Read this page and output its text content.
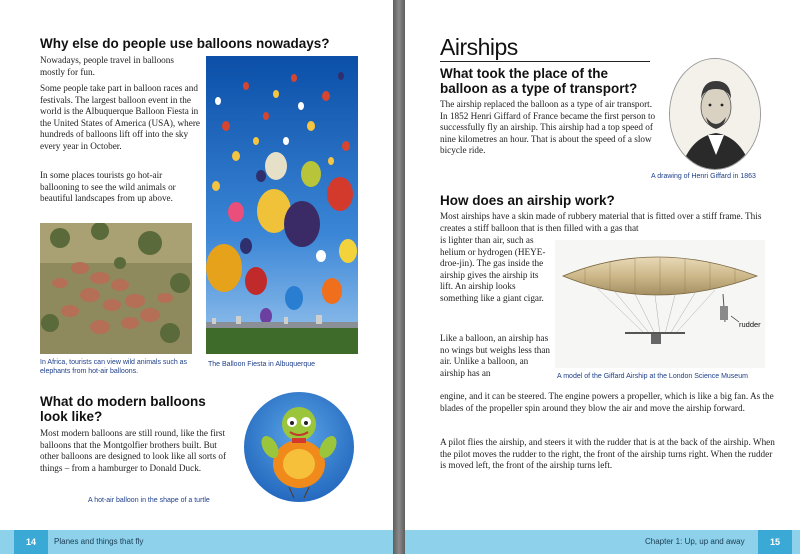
Why else do people use balloons nowadays?

Nowadays, people travel in balloons mostly for fun.

Some people take part in balloon races and festivals. The largest balloon event in the world is the Albuquerque Balloon Fiesta in the United States of America (USA), where hundreds of balloons lift off into the sky every year in October.

In some places tourists go hot-air ballooning to see the wild animals or beautiful landscapes from up above.

The Balloon Fiesta in Albuquerque
In Africa, tourists can view wild animals such as elephants from hot-air balloons.
What do modern balloons look like?

Most modern balloons are still round, like the first balloons that the Montgolfier brothers built. But other balloons are designed to look like all sorts of things – from a hamburger to Donald Duck.

A hot-air balloon in the shape of a turtle
14	Planes and things that fly
Airships
What took the place of the balloon as a type of transport?

The airship replaced the balloon as a type of air transport. In 1852 Henri Giffard of France became the first person to successfully fly an airship. This airship had a top speed of nine kilometres an hour. That is about the speed of a slow bicycle ride.

A drawing of Henri Giffard in 1863
How does an airship work?

Most airships have a skin made of rubbery material that is fitted over a stiff frame. This creates a stiff balloon that is then filled with a gas that

is lighter than air, such as helium or hydrogen (HEYE-droe-jin). The gas inside the airship gives the airship its lift. An airship looks something like a giant cigar.

Like a balloon, an airship has no wings but weighs less than air. Unlike a balloon, an airship has an

engine, and it can be steered. The engine powers a propeller, which is like a big fan. As the blades of the propeller spin around they blow the air and move the airship forward.

A pilot flies the airship, and steers it with the rudder that is at the back of the airship. When the pilot moves the rudder to the right, the front of the airship turns right. When the rudder is moved left, the front of the airship turns left.

rudder
A model of the Giffard Airship at the London Science Museum
Chapter 1: Up, up and away	15
